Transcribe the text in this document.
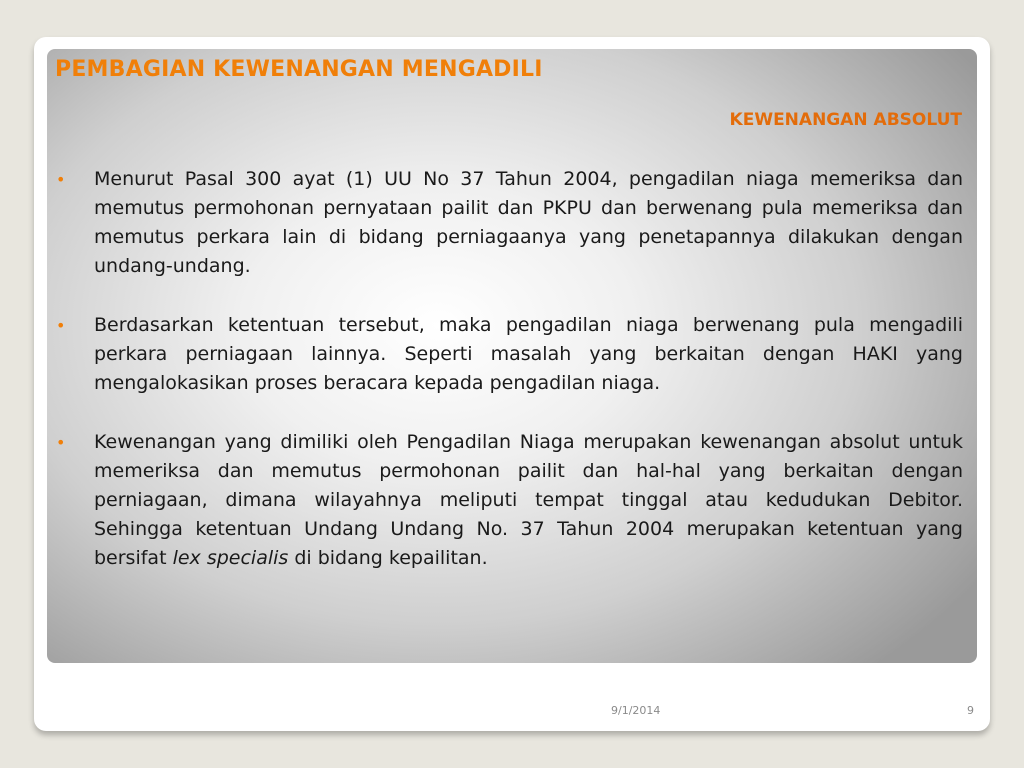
PEMBAGIAN KEWENANGAN MENGADILI
KEWENANGAN ABSOLUT
• Menurut Pasal 300 ayat (1) UU No 37 Tahun 2004, pengadilan niaga memeriksa dan memutus permohonan pernyataan pailit dan PKPU dan berwenang pula memeriksa dan memutus perkara lain di bidang perniagaanya yang penetapannya dilakukan dengan undang-undang.
• Berdasarkan ketentuan tersebut, maka pengadilan niaga berwenang pula mengadili perkara perniagaan lainnya. Seperti masalah yang berkaitan dengan HAKI yang mengalokasikan proses beracara kepada pengadilan niaga.
• Kewenangan yang dimiliki oleh Pengadilan Niaga merupakan kewenangan absolut untuk memeriksa dan memutus permohonan pailit dan hal-hal yang berkaitan dengan perniagaan, dimana wilayahnya meliputi tempat tinggal atau kedudukan Debitor. Sehingga ketentuan Undang Undang No. 37 Tahun 2004 merupakan ketentuan yang bersifat lex specialis di bidang kepailitan.
9/1/2014	9
